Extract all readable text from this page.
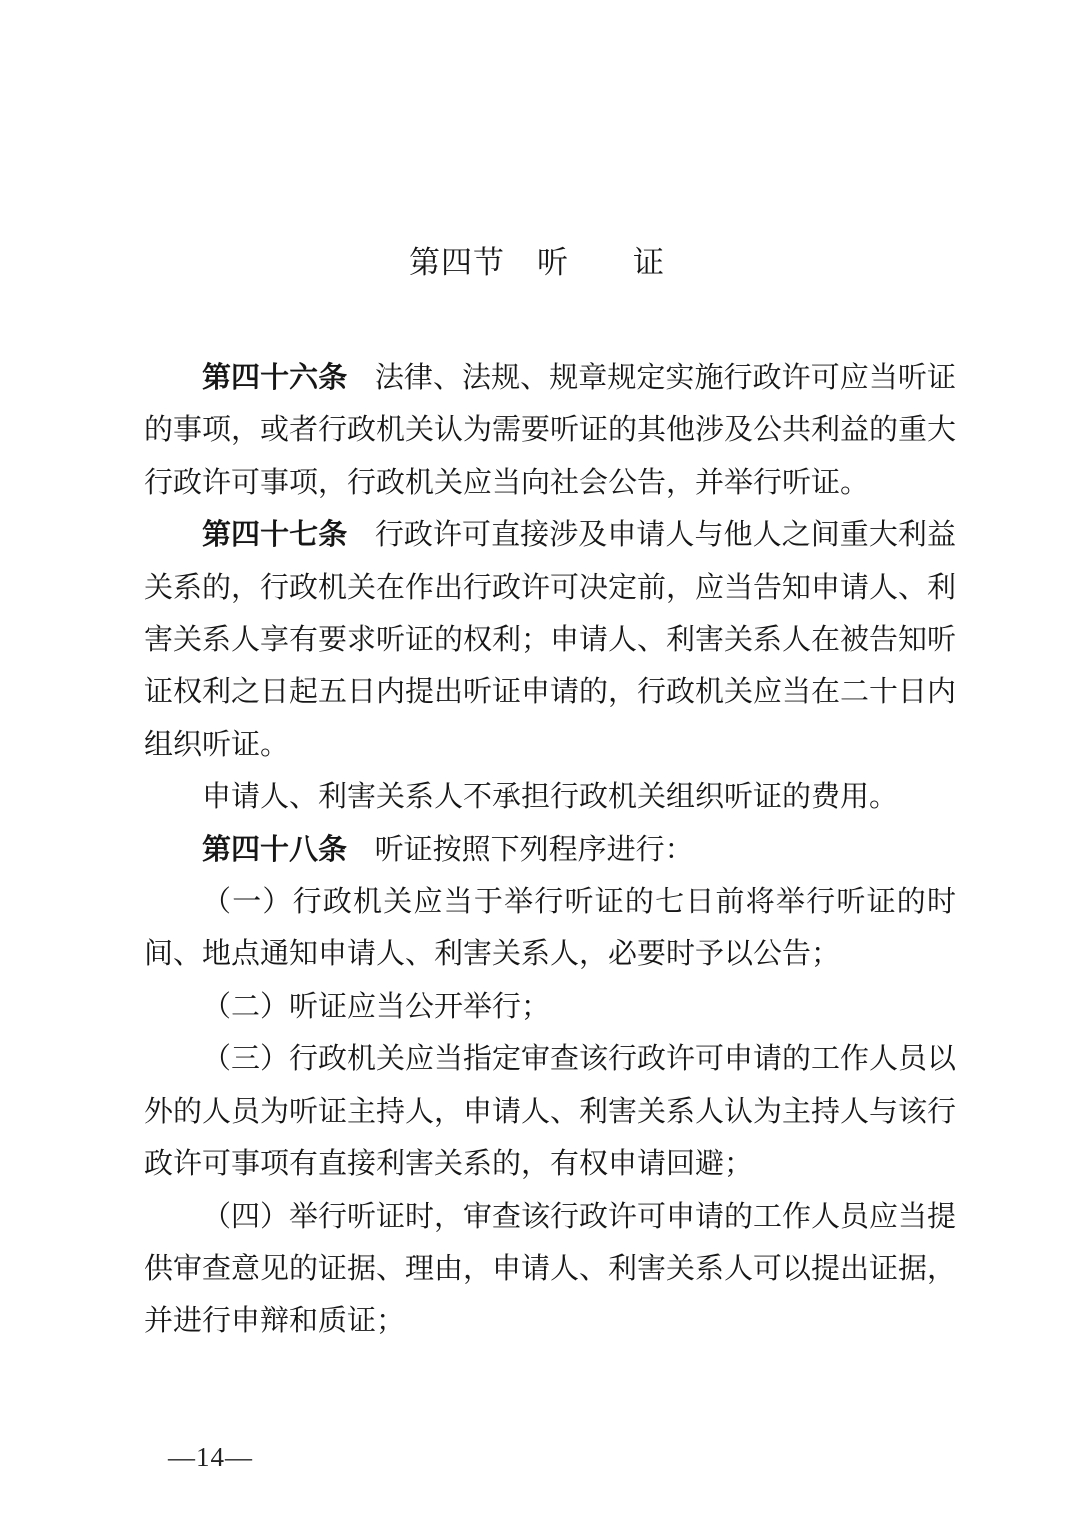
第四节　听　　证

第四十六条 法律、法规、规章规定实施行政许可应当听证的事项，或者行政机关认为需要听证的其他涉及公共利益的重大行政许可事项，行政机关应当向社会公告，并举行听证。

第四十七条 行政许可直接涉及申请人与他人之间重大利益关系的，行政机关在作出行政许可决定前，应当告知申请人、利害关系人享有要求听证的权利；申请人、利害关系人在被告知听证权利之日起五日内提出听证申请的，行政机关应当在二十日内组织听证。

申请人、利害关系人不承担行政机关组织听证的费用。

第四十八条 听证按照下列程序进行：

（一）行政机关应当于举行听证的七日前将举行听证的时间、地点通知申请人、利害关系人，必要时予以公告；

（二）听证应当公开举行；

（三）行政机关应当指定审查该行政许可申请的工作人员以外的人员为听证主持人，申请人、利害关系人认为主持人与该行政许可事项有直接利害关系的，有权申请回避；

（四）举行听证时，审查该行政许可申请的工作人员应当提供审查意见的证据、理由，申请人、利害关系人可以提出证据，并进行申辩和质证；

—14—
